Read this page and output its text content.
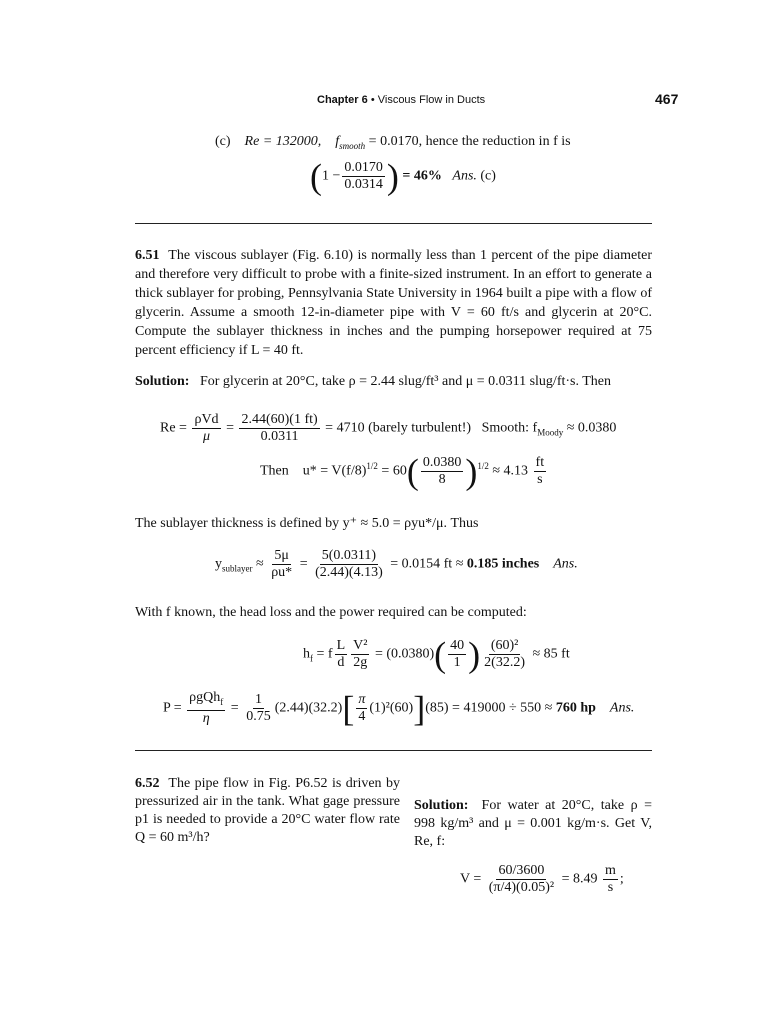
Chapter 6 • Viscous Flow in Ducts	467
(c) Re = 132000, $f_{smooth} = 0.0170$, hence the reduction in f is
($1 - \frac{0.0170}{0.0314}$ ) = 46% Ans. (c)
6.51 The viscous sublayer (Fig. 6.10) is normally less than 1 percent of the pipe diameter and therefore very difficult to probe with a finite-sized instrument. In an effort to generate a thick sublayer for probing, Pennsylvania State University in 1964 built a pipe with a flow of glycerin. Assume a smooth 12-in-diameter pipe with V = 60 ft/s and glycerin at 20°C. Compute the sublayer thickness in inches and the pumping horsepower required at 75 percent efficiency if L = 40 ft.
Solution: For glycerin at 20°C, take ρ = 2.44 slug/ft³ and μ = 0.0311 slug/ft·s. Then
$Re = \frac{\text{ρVd}}{\mu} = \frac{2.44(60)(1 ft)}{0.0311} = 4710$ (barely turbulent!) Smooth: $f_{Moody} \approx 0.0380$
Then $u* = V(f/8)^{1/2} = 60( \frac{0.0380}{8} )^{1/2} \approx 4.13 \frac{ft}{s}$
The sublayer thickness is defined by y⁺ ≈ 5.0 = ρyu*/μ. Thus
$y_{sublayer} \approx \frac{5\mu}{\rho u*} = \frac{5(0.0311)}{(2.44)(4.13)} = 0.0154$ ft ≈ 0.185 inches Ans.
With f known, the head loss and the power required can be computed:
$h_f = f \frac{L}{d} \frac{\text{V²}}{2g} = (0.0380)( \frac{40}{1}$ ) $\frac{\text{(60)²}}{2(32.2)} \approx 85$ ft
$P = \frac{\rho gQh_f}{\eta} = \frac{1}{0.75} (2.44)(32.2)[ \frac{\pi}{4} (1)^2(60)](85) = 419000 \div 550 \approx 760$ hp Ans.
6.52 The pipe flow in Fig. P6.52 is driven by pressurized air in the tank. What gage pressure p1 is needed to provide a 20°C water flow rate Q = 60 m³/h?
Solution: For water at 20°C, take ρ = 998 kg/m³ and μ = 0.001 kg/m·s. Get V, Re, f:
$V = \frac{60/3600}{\text{(π/4)(0.05)²}} = 8.49 \frac{m}{s}$ ;
